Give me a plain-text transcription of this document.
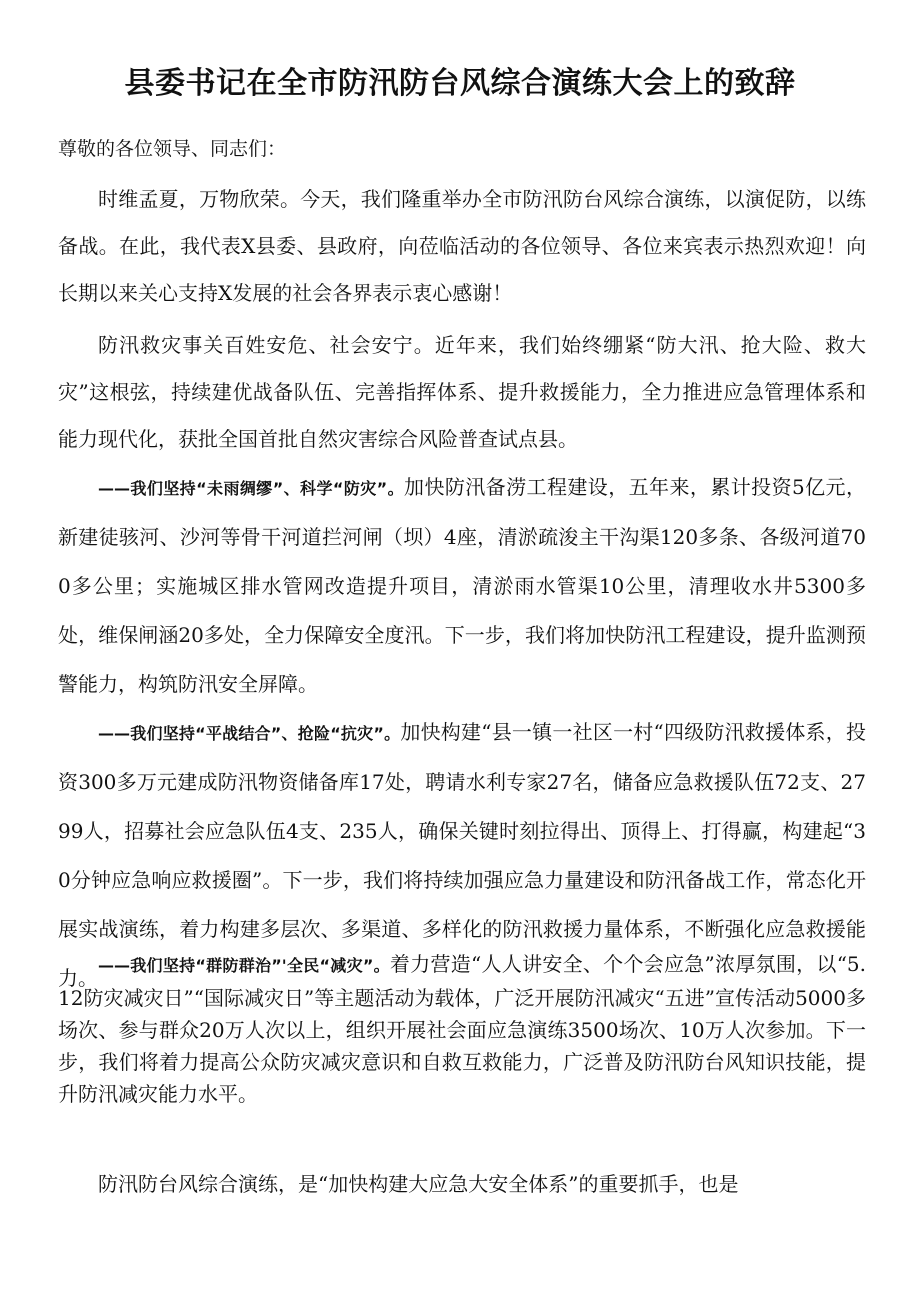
县委书记在全市防汛防台风综合演练大会上的致辞

尊敬的各位领导、同志们：

时维孟夏，万物欣荣。今天，我们隆重举办全市防汛防台风综合演练，以演促防，以练备战。在此，我代表X县委、县政府，向莅临活动的各位领导、各位来宾表示热烈欢迎！向长期以来关心支持X发展的社会各界表示衷心感谢！

防汛救灾事关百姓安危、社会安宁。近年来，我们始终绷紧“防大汛、抢大险、救大灾”这根弦，持续建优战备队伍、完善指挥体系、提升救援能力，全力推进应急管理体系和能力现代化，获批全国首批自然灾害综合风险普查试点县。

——我们坚持“未雨绸缪”、科学“防灾”。加快防汛备涝工程建设，五年来，累计投资5亿元，新建徒骇河、沙河等骨干河道拦河闸（坝）4座，清淤疏浚主干沟渠120多条、各级河道700多公里；实施城区排水管网改造提升项目，清淤雨水管渠10公里，清理收水井5300多处，维保闸涵20多处，全力保障安全度汛。下一步，我们将加快防汛工程建设，提升监测预警能力，构筑防汛安全屏障。

——我们坚持“平战结合”、抢险“抗灾”。加快构建“县一镇一社区一村“四级防汛救援体系，投资300多万元建成防汛物资储备库17处，聘请水利专家27名，储备应急救援队伍72支、2799人，招募社会应急队伍4支、235人，确保关键时刻拉得出、顶得上、打得赢，构建起“30分钟应急响应救援圈”。下一步，我们将持续加强应急力量建设和防汛备战工作，常态化开展实战演练，着力构建多层次、多渠道、多样化的防汛救援力量体系，不断强化应急救援能力。

——我们坚持“群防群治”'全民“减灾”。着力营造“人人讲安全、个个会应急”浓厚氛围，以“5.12防灾减灾日”“国际减灾日”等主题活动为载体，广泛开展防汛减灾“五进”宣传活动5000多场次、参与群众20万人次以上，组织开展社会面应急演练3500场次、10万人次参加。下一步，我们将着力提高公众防灾减灾意识和自救互救能力，广泛普及防汛防台风知识技能，提升防汛减灾能力水平。

防汛防台风综合演练，是“加快构建大应急大安全体系”的重要抓手，也是
